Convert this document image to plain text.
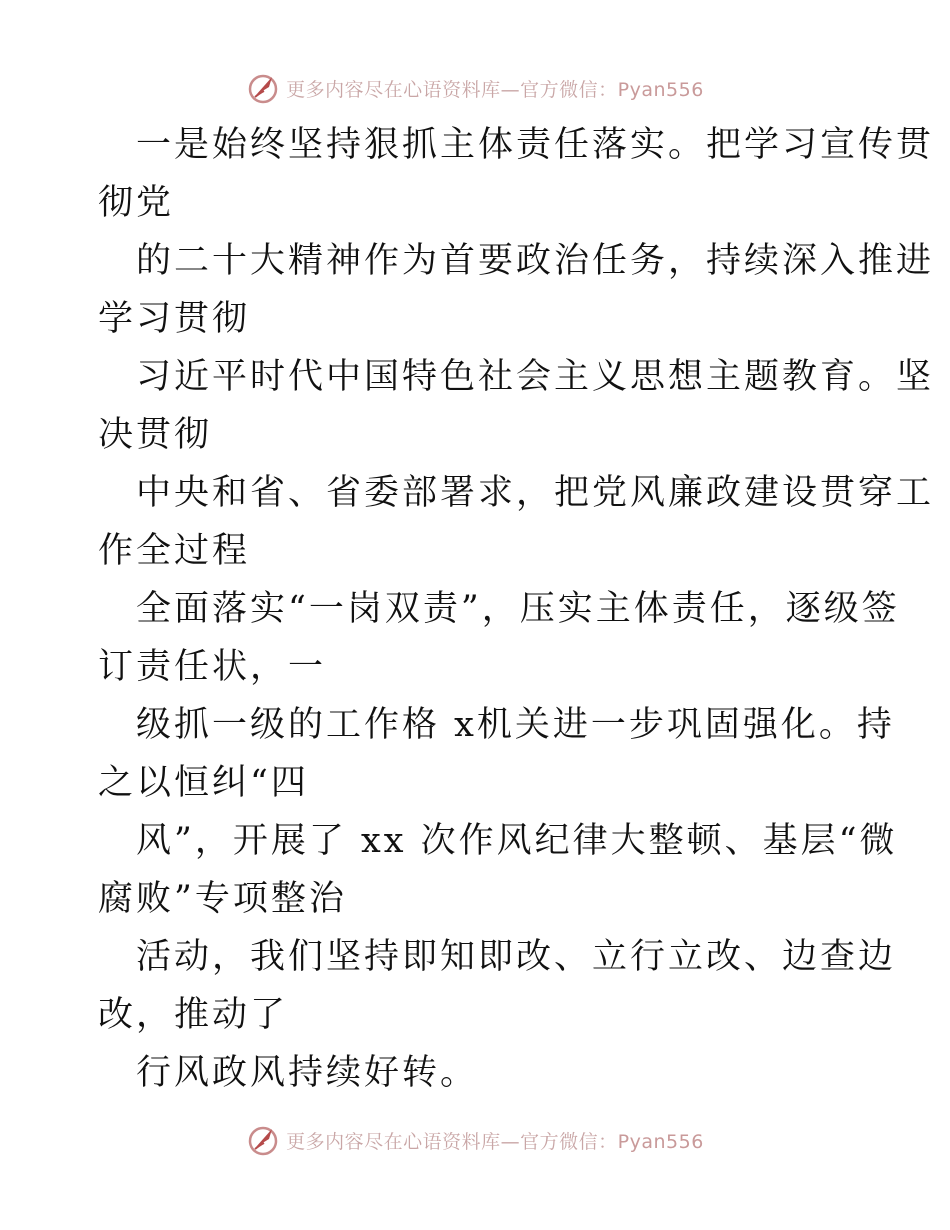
更多内容尽在心语资料库—官方微信：Pyan556
一是始终坚持狠抓主体责任落实。把学习宣传贯
彻党
的二十大精神作为首要政治任务，持续深入推进
学习贯彻
习近平时代中国特色社会主义思想主题教育。坚
决贯彻
中央和省、省委部署求，把党风廉政建设贯穿工
作全过程
全面落实“一岗双责”，压实主体责任，逐级签
订责任状，一
级抓一级的工作格 x机关进一步巩固强化。持
之以恒纠“四
风”，开展了 xx 次作风纪律大整顿、基层“微
腐败”专项整治
活动，我们坚持即知即改、立行立改、边查边
改，推动了
行风政风持续好转。
更多内容尽在心语资料库—官方微信：Pyan556
